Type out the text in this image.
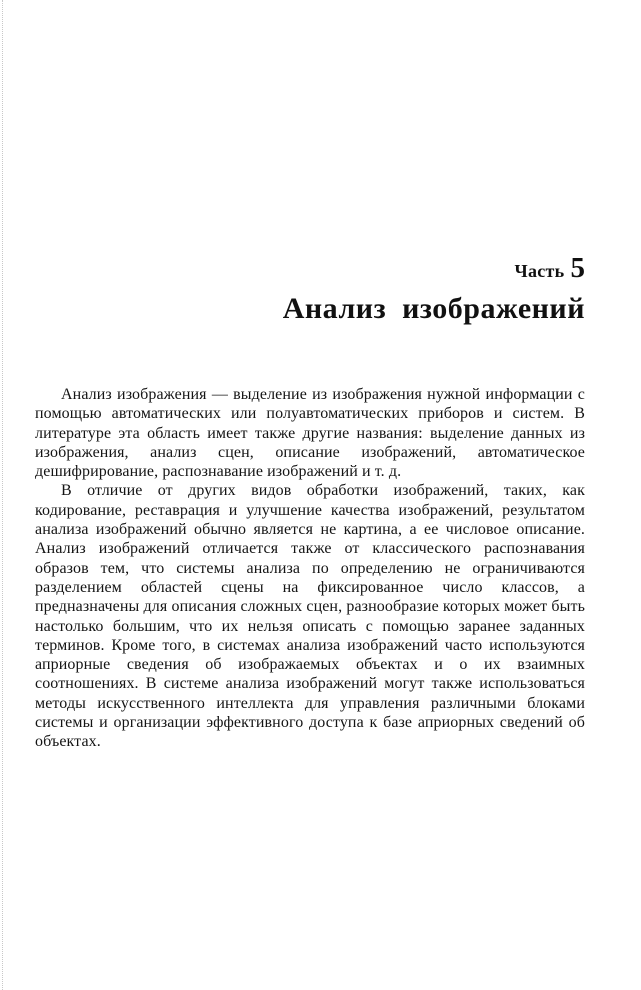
Часть 5
Анализ изображений

Анализ изображения — выделение из изображения нужной информации с помощью автоматических или полуавтоматических приборов и систем. В литературе эта область имеет также другие названия: выделение данных из изображения, анализ сцен, описание изображений, автоматическое дешифрирование, распознавание изображений и т. д.

В отличие от других видов обработки изображений, таких, как кодирование, реставрация и улучшение качества изображений, результатом анализа изображений обычно является не картина, а ее числовое описание. Анализ изображений отличается также от классического распознавания образов тем, что системы анализа по определению не ограничиваются разделением областей сцены на фиксированное число классов, а предназначены для описания сложных сцен, разнообразие которых может быть настолько большим, что их нельзя описать с помощью заранее заданных терминов. Кроме того, в системах анализа изображений часто используются априорные сведения об изображаемых объектах и о их взаимных соотношениях. В системе анализа изображений могут также использоваться методы искусственного интеллекта для управления различными блоками системы и организации эффективного доступа к базе априорных сведений об объектах.
